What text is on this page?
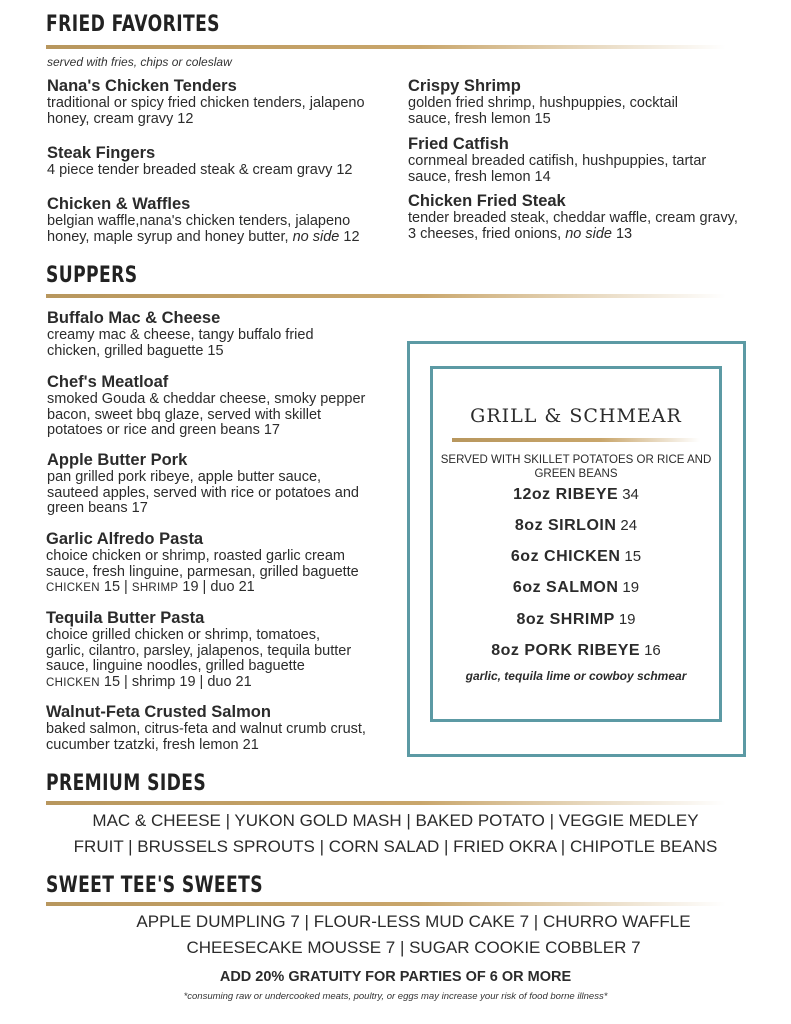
FRIED FAVORITES
served with fries, chips or coleslaw
Nana's Chicken Tenders

traditional or spicy fried chicken tenders, jalapeno honey, cream gravy 12

Steak Fingers

4 piece tender breaded steak & cream gravy 12

Chicken & Waffles

belgian waffle,nana's chicken tenders, jalapeno honey, maple syrup and honey butter, no side 12

Crispy Shrimp

golden fried shrimp, hushpuppies, cocktail sauce, fresh lemon 15

Fried Catfish

cornmeal breaded catifish, hushpuppies, tartar sauce, fresh lemon 14

Chicken Fried Steak

tender breaded steak, cheddar waffle, cream gravy, 3 cheeses, fried onions, no side 13

SUPPERS
Buffalo Mac & Cheese

creamy mac & cheese, tangy buffalo fried chicken, grilled baguette 15

Chef's Meatloaf

smoked Gouda & cheddar cheese, smoky pepper bacon, sweet bbq glaze, served with skillet potatoes or rice and green beans 17

Apple Butter Pork

pan grilled pork ribeye, apple butter sauce, sauteed apples, served with rice or potatoes and green beans 17

Garlic Alfredo Pasta

choice chicken or shrimp, roasted garlic cream sauce, fresh linguine, parmesan, grilled baguette
CHICKEN 15 | SHRIMP 19 | duo 21

Tequila Butter Pasta

choice grilled chicken or shrimp, tomatoes, garlic, cilantro, parsley, jalapenos, tequila butter sauce, linguine noodles, grilled baguette CHICKEN 15 | shrimp 19 | duo 21

Walnut-Feta Crusted Salmon

baked salmon, citrus-feta and walnut crumb crust, cucumber tzatzki, fresh lemon 21

GRILL & SCHMEAR
SERVED WITH SKILLET POTATOES OR RICE AND GREEN BEANS
12oz RIBEYE 34
8oz SIRLOIN 24
6oz CHICKEN 15
6oz SALMON 19
8oz SHRIMP 19
8oz PORK RIBEYE 16
garlic, tequila lime or cowboy schmear
PREMIUM SIDES
MAC & CHEESE | YUKON GOLD MASH | BAKED POTATO | VEGGIE MEDLEY
FRUIT | BRUSSELS SPROUTS | CORN SALAD | FRIED OKRA | CHIPOTLE BEANS
SWEET TEE'S SWEETS
APPLE DUMPLING 7 | FLOUR-LESS MUD CAKE 7 | CHURRO WAFFLE
CHEESECAKE MOUSSE 7 | SUGAR COOKIE COBBLER 7
ADD 20% GRATUITY FOR PARTIES OF 6 OR MORE
*consuming raw or undercooked meats, poultry, or eggs may increase your risk of food borne illness*
